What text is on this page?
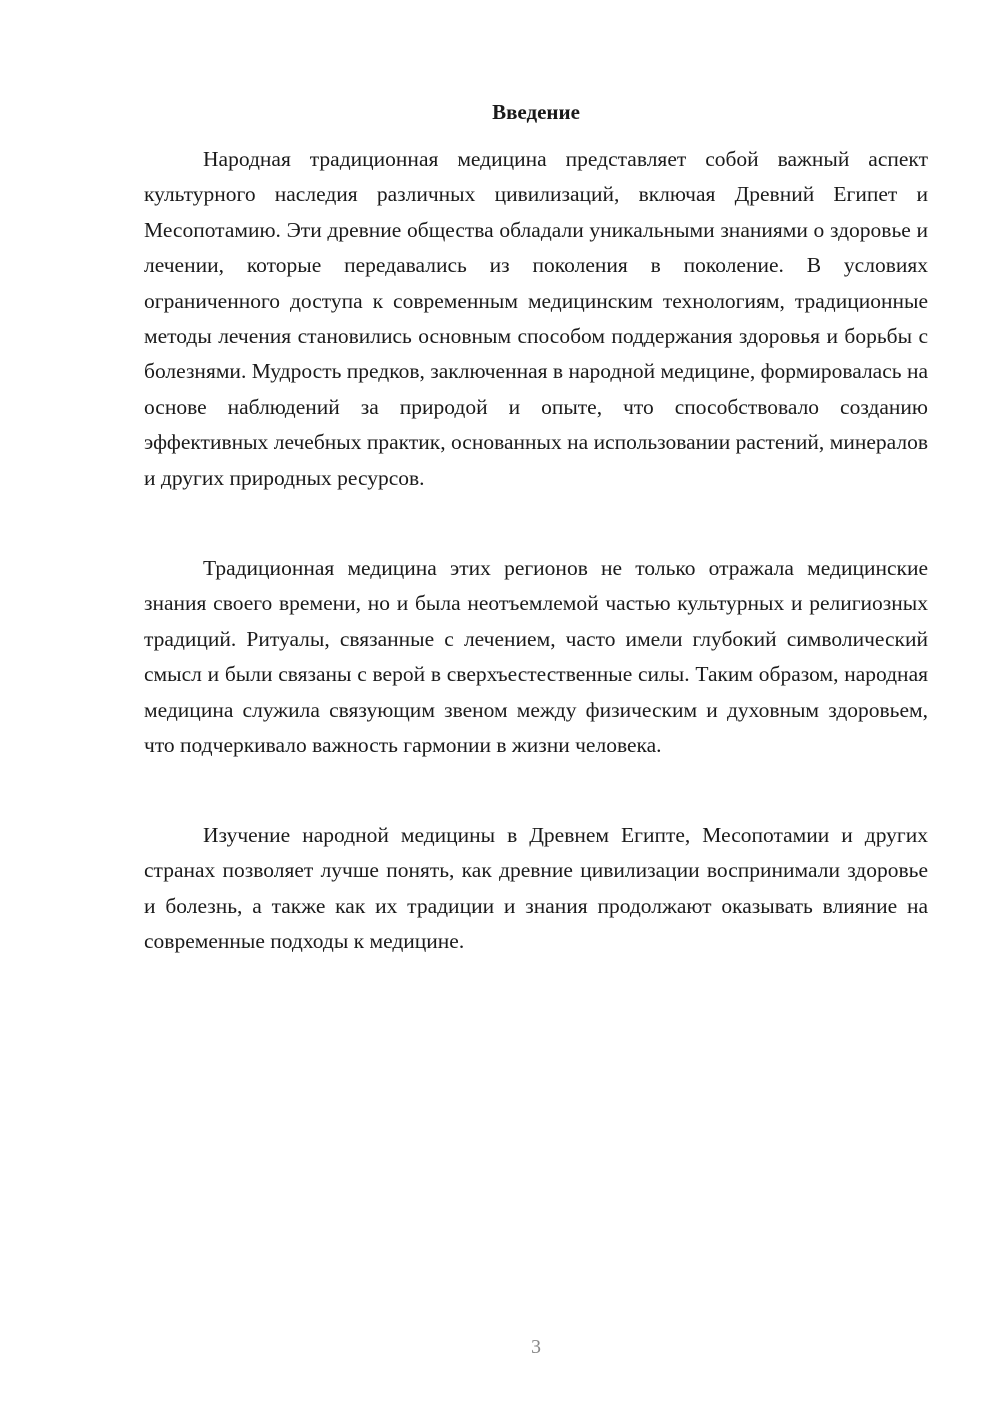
Введение

Народная традиционная медицина представляет собой важный аспект культурного наследия различных цивилизаций, включая Древний Египет и Месопотамию. Эти древние общества обладали уникальными знаниями о здоровье и лечении, которые передавались из поколения в поколение. В условиях ограниченного доступа к современным медицинским технологиям, традиционные методы лечения становились основным способом поддержания здоровья и борьбы с болезнями. Мудрость предков, заключенная в народной медицине, формировалась на основе наблюдений за природой и опыте, что способствовало созданию эффективных лечебных практик, основанных на использовании растений, минералов и других природных ресурсов.

Традиционная медицина этих регионов не только отражала медицинские знания своего времени, но и была неотъемлемой частью культурных и религиозных традиций. Ритуалы, связанные с лечением, часто имели глубокий символический смысл и были связаны с верой в сверхъестественные силы. Таким образом, народная медицина служила связующим звеном между физическим и духовным здоровьем, что подчеркивало важность гармонии в жизни человека.

Изучение народной медицины в Древнем Египте, Месопотамии и других странах позволяет лучше понять, как древние цивилизации воспринимали здоровье и болезнь, а также как их традиции и знания продолжают оказывать влияние на современные подходы к медицине.

3
